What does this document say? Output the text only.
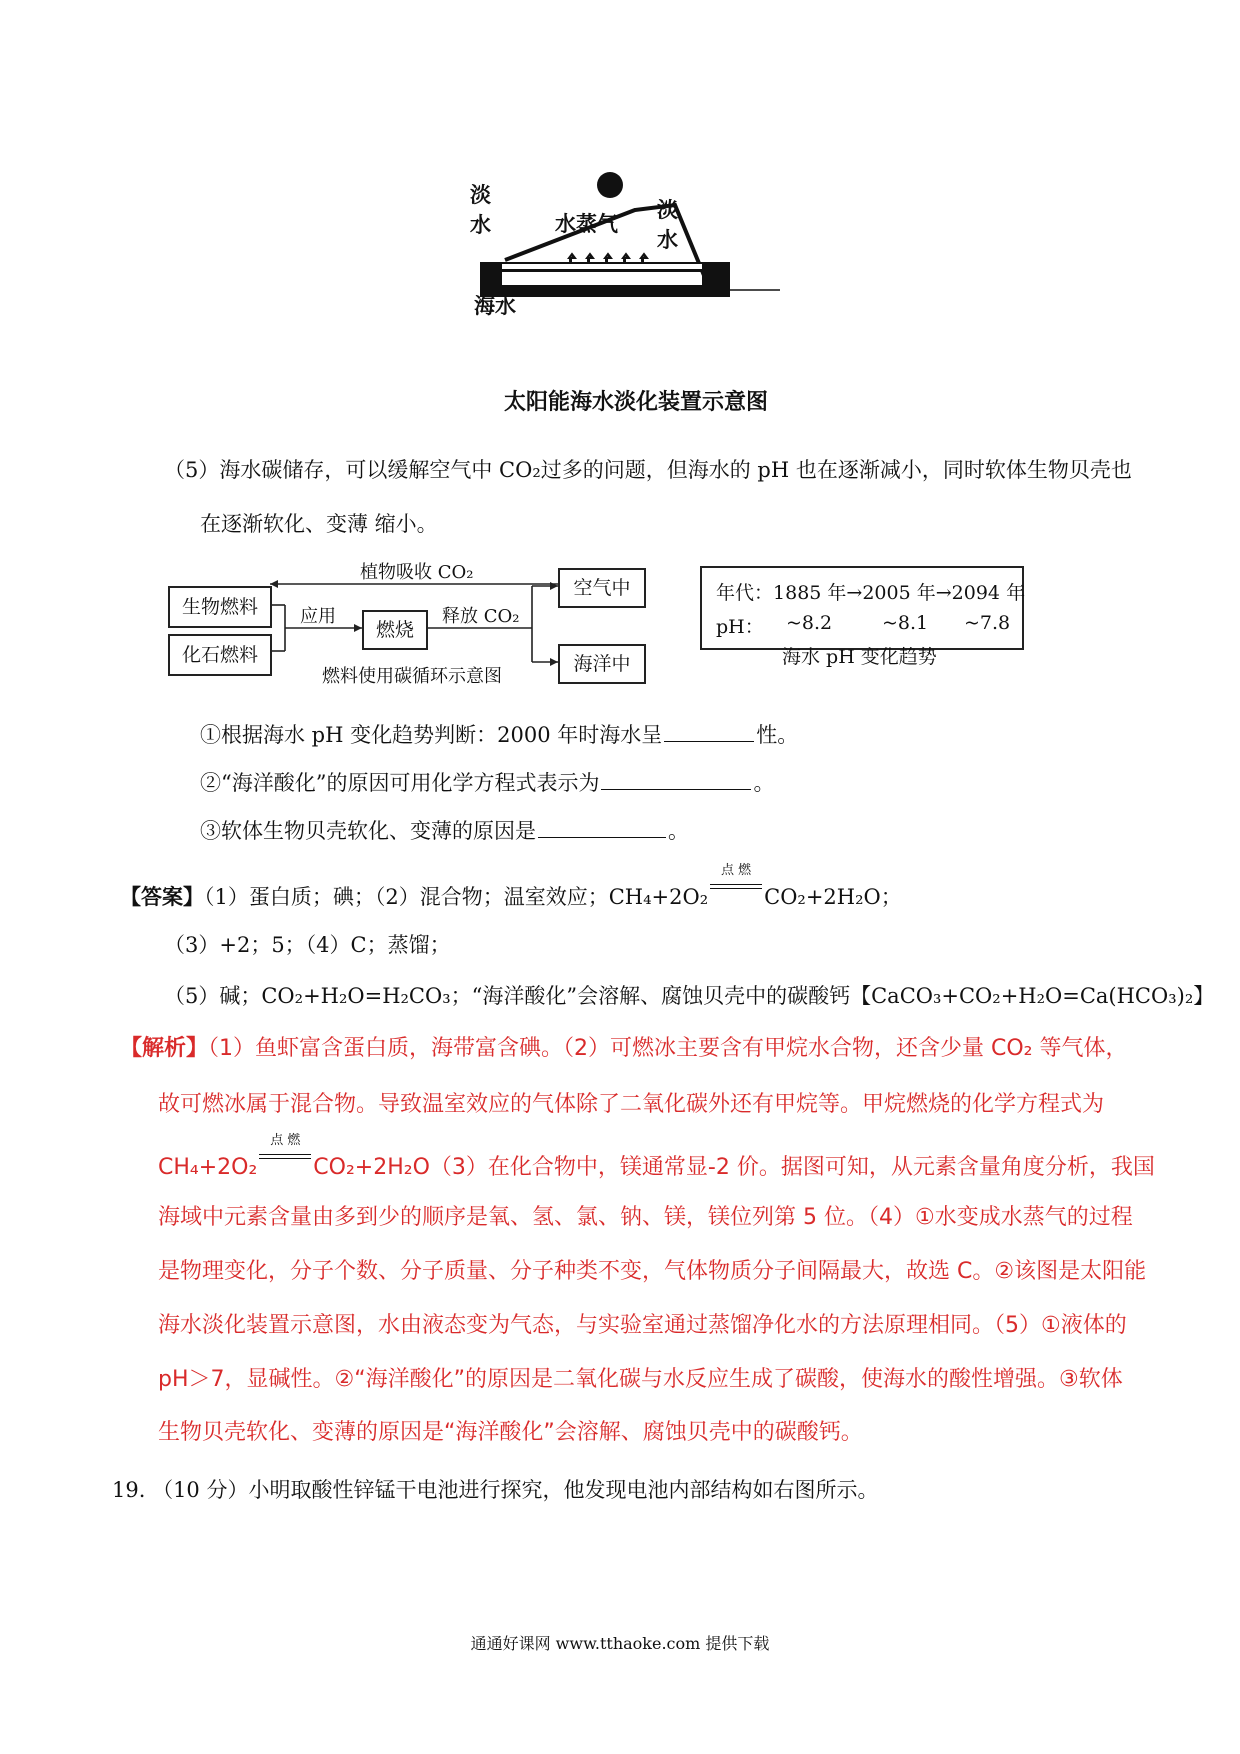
淡水
淡水
水蒸气
海水
太阳能海水淡化装置示意图
（5）海水碳储存，可以缓解空气中 CO₂过多的问题，但海水的 pH 也在逐渐减小，同时软体生物贝壳也
在逐渐软化、变薄 缩小。
生物燃料
化石燃料
燃烧
空气中
海洋中
植物吸收 CO₂
应用	释放 CO₂
燃料使用碳循环示意图
年代：1885 年→2005 年→2094 年
pH： ~8.2	~8.1 ~7.8
海水 pH 变化趋势
①根据海水 pH 变化趋势判断：2000 年时海水呈	性。
②“海洋酸化”的原因可用化学方程式表示为	。
③软体生物贝壳软化、变薄的原因是	。
【答案】（1）蛋白质；碘；（2）混合物；温室效应；CH₄+2O₂
点 燃
CO₂+2H₂O；
（3）+2；5；（4）C；蒸馏；
（5）碱；CO₂+H₂O=H₂CO₃；“海洋酸化”会溶解、腐蚀贝壳中的碳酸钙【CaCO₃+CO₂+H₂O=Ca(HCO₃)₂】
【解析】（1）鱼虾富含蛋白质，海带富含碘。（2）可燃冰主要含有甲烷水合物，还含少量 CO₂ 等气体，
故可燃冰属于混合物。导致温室效应的气体除了二氧化碳外还有甲烷等。甲烷燃烧的化学方程式为
CH₄+2O₂
点 燃
CO₂+2H₂O（3）在化合物中，镁通常显-2 价。据图可知，从元素含量角度分析，我国
海域中元素含量由多到少的顺序是氧、氢、氯、钠、镁，镁位列第 5 位。（4）①水变成水蒸气的过程
是物理变化，分子个数、分子质量、分子种类不变，气体物质分子间隔最大，故选 C。②该图是太阳能
海水淡化装置示意图，水由液态变为气态，与实验室通过蒸馏净化水的方法原理相同。（5）①液体的
pH＞7，显碱性。②“海洋酸化”的原因是二氧化碳与水反应生成了碳酸，使海水的酸性增强。③软体
生物贝壳软化、变薄的原因是“海洋酸化”会溶解、腐蚀贝壳中的碳酸钙。
19. （10 分）小明取酸性锌锰干电池进行探究，他发现电池内部结构如右图所示。
通通好课网 www.tthaoke.com 提供下载
